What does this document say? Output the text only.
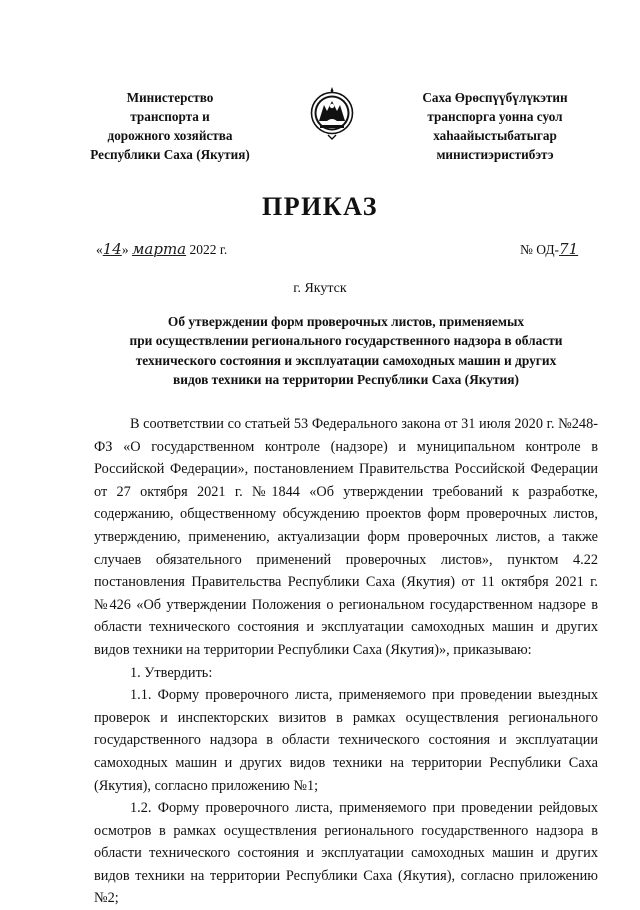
Министерство
транспорта и
дорожного хозяйства
Республики Саха (Якутия)
Саха Өрөспүүбүлүкэтин
транспорга уонна суол
хаһаайыстыбатыгар
министиэристибэтэ
ПРИКАЗ
«14» марта 2022 г.	№ ОД-71
г. Якутск
Об утверждении форм проверочных листов, применяемых
при осуществлении регионального государственного надзора в области
технического состояния и эксплуатации самоходных машин и других
видов техники на территории Республики Саха (Якутия)

В соответствии со статьей 53 Федерального закона от 31 июля 2020 г. №248-ФЗ «О государственном контроле (надзоре) и муниципальном контроле в Российской Федерации», постановлением Правительства Российской Федерации от 27 октября 2021 г. №1844 «Об утверждении требований к разработке, содержанию, общественному обсуждению проектов форм проверочных листов, утверждению, применению, актуализации форм проверочных листов, а также случаев обязательного применений проверочных листов», пунктом 4.22 постановления Правительства Республики Саха (Якутия) от 11 октября 2021 г. №426 «Об утверждении Положения о региональном государственном надзоре в области технического состояния и эксплуатации самоходных машин и других видов техники на территории Республики Саха (Якутия)», приказываю:

1. Утвердить:

1.1. Форму проверочного листа, применяемого при проведении выездных проверок и инспекторских визитов в рамках осуществления регионального государственного надзора в области технического состояния и эксплуатации самоходных машин и других видов техники на территории Республики Саха (Якутия), согласно приложению №1;

1.2. Форму проверочного листа, применяемого при проведении рейдовых осмотров в рамках осуществления регионального государственного надзора в области технического состояния и эксплуатации самоходных машин и других видов техники на территории Республики Саха (Якутия), согласно приложению №2;
